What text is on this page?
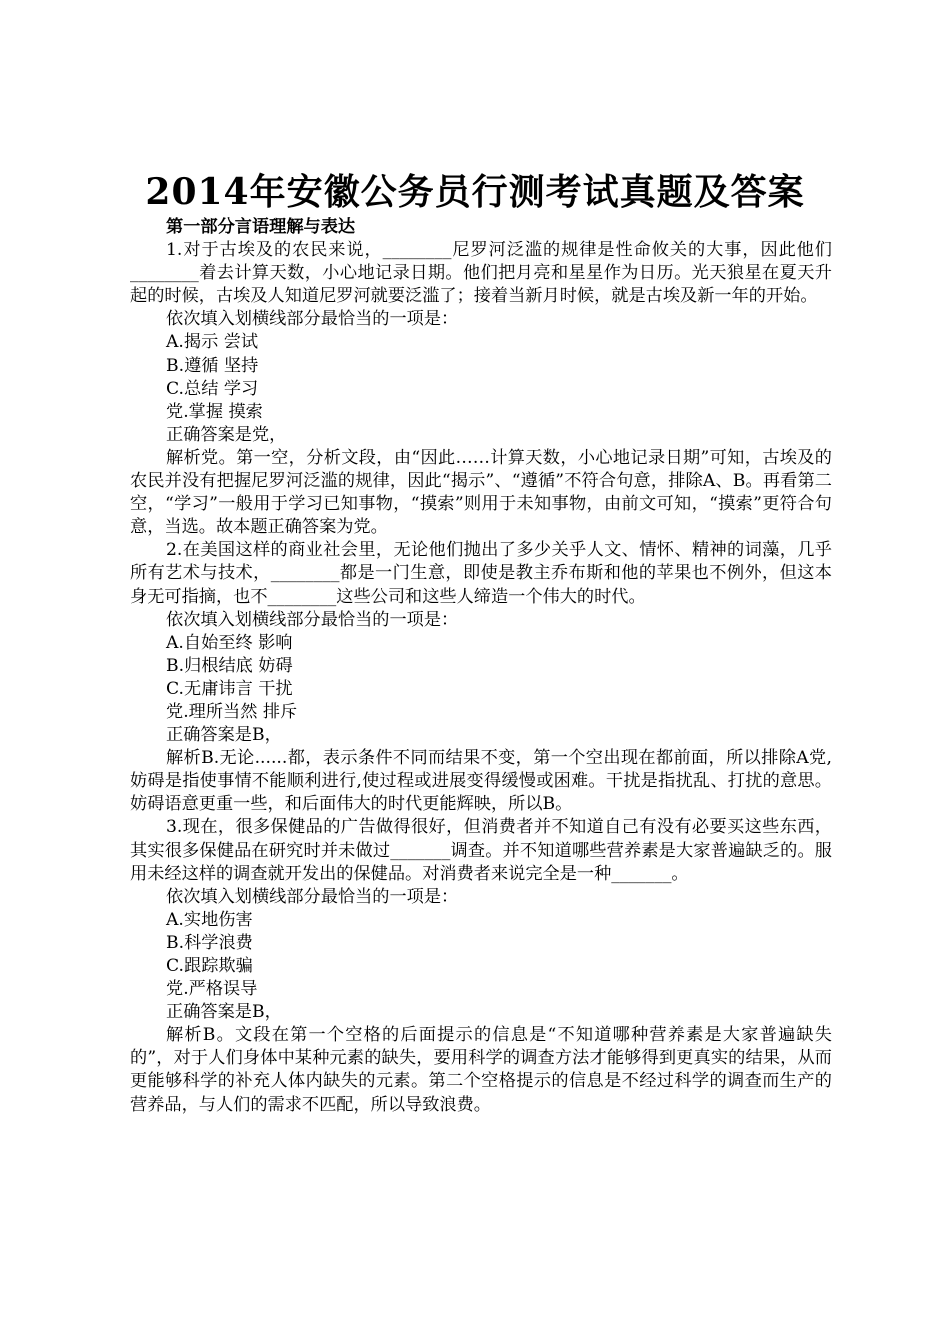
2014年安徽公务员行测考试真题及答案

第一部分言语理解与表达

1.对于古埃及的农民来说，________尼罗河泛滥的规律是性命攸关的大事，因此他们________着去计算天数，小心地记录日期。他们把月亮和星星作为日历。光天狼星在夏天升起的时候，古埃及人知道尼罗河就要泛滥了；接着当新月时候，就是古埃及新一年的开始。

依次填入划横线部分最恰当的一项是：

A.揭示 尝试

B.遵循 坚持

C.总结 学习

党.掌握 摸索

正确答案是党，

解析党。第一空，分析文段，由“因此……计算天数，小心地记录日期”可知，古埃及的农民并没有把握尼罗河泛滥的规律，因此“揭示”、“遵循”不符合句意，排除A、B。再看第二空，“学习”一般用于学习已知事物，“摸索”则用于未知事物，由前文可知，“摸索”更符合句意，当选。故本题正确答案为党。

2.在美国这样的商业社会里，无论他们抛出了多少关乎人文、情怀、精神的词藻，几乎所有艺术与技术，________都是一门生意，即使是教主乔布斯和他的苹果也不例外，但这本身无可指摘，也不________这些公司和这些人缔造一个伟大的时代。

依次填入划横线部分最恰当的一项是：

A.自始至终 影响

B.归根结底 妨碍

C.无庸讳言 干扰

党.理所当然 排斥

正确答案是B，

解析B.无论......都，表示条件不同而结果不变，第一个空出现在都前面，所以排除A党,妨碍是指使事情不能顺利进行,使过程或进展变得缓慢或困难。干扰是指扰乱、打扰的意思。妨碍语意更重一些，和后面伟大的时代更能辉映，所以B。

3.现在，很多保健品的广告做得很好，但消费者并不知道自己有没有必要买这些东西，其实很多保健品在研究时并未做过_______调查。并不知道哪些营养素是大家普遍缺乏的。服用未经这样的调查就开发出的保健品。对消费者来说完全是一种_______。

依次填入划横线部分最恰当的一项是：

A.实地伤害

B.科学浪费

C.跟踪欺骗

党.严格误导

正确答案是B，

解析B。文段在第一个空格的后面提示的信息是“不知道哪种营养素是大家普遍缺失的”，对于人们身体中某种元素的缺失，要用科学的调查方法才能够得到更真实的结果，从而更能够科学的补充人体内缺失的元素。第二个空格提示的信息是不经过科学的调查而生产的营养品，与人们的需求不匹配，所以导致浪费。
